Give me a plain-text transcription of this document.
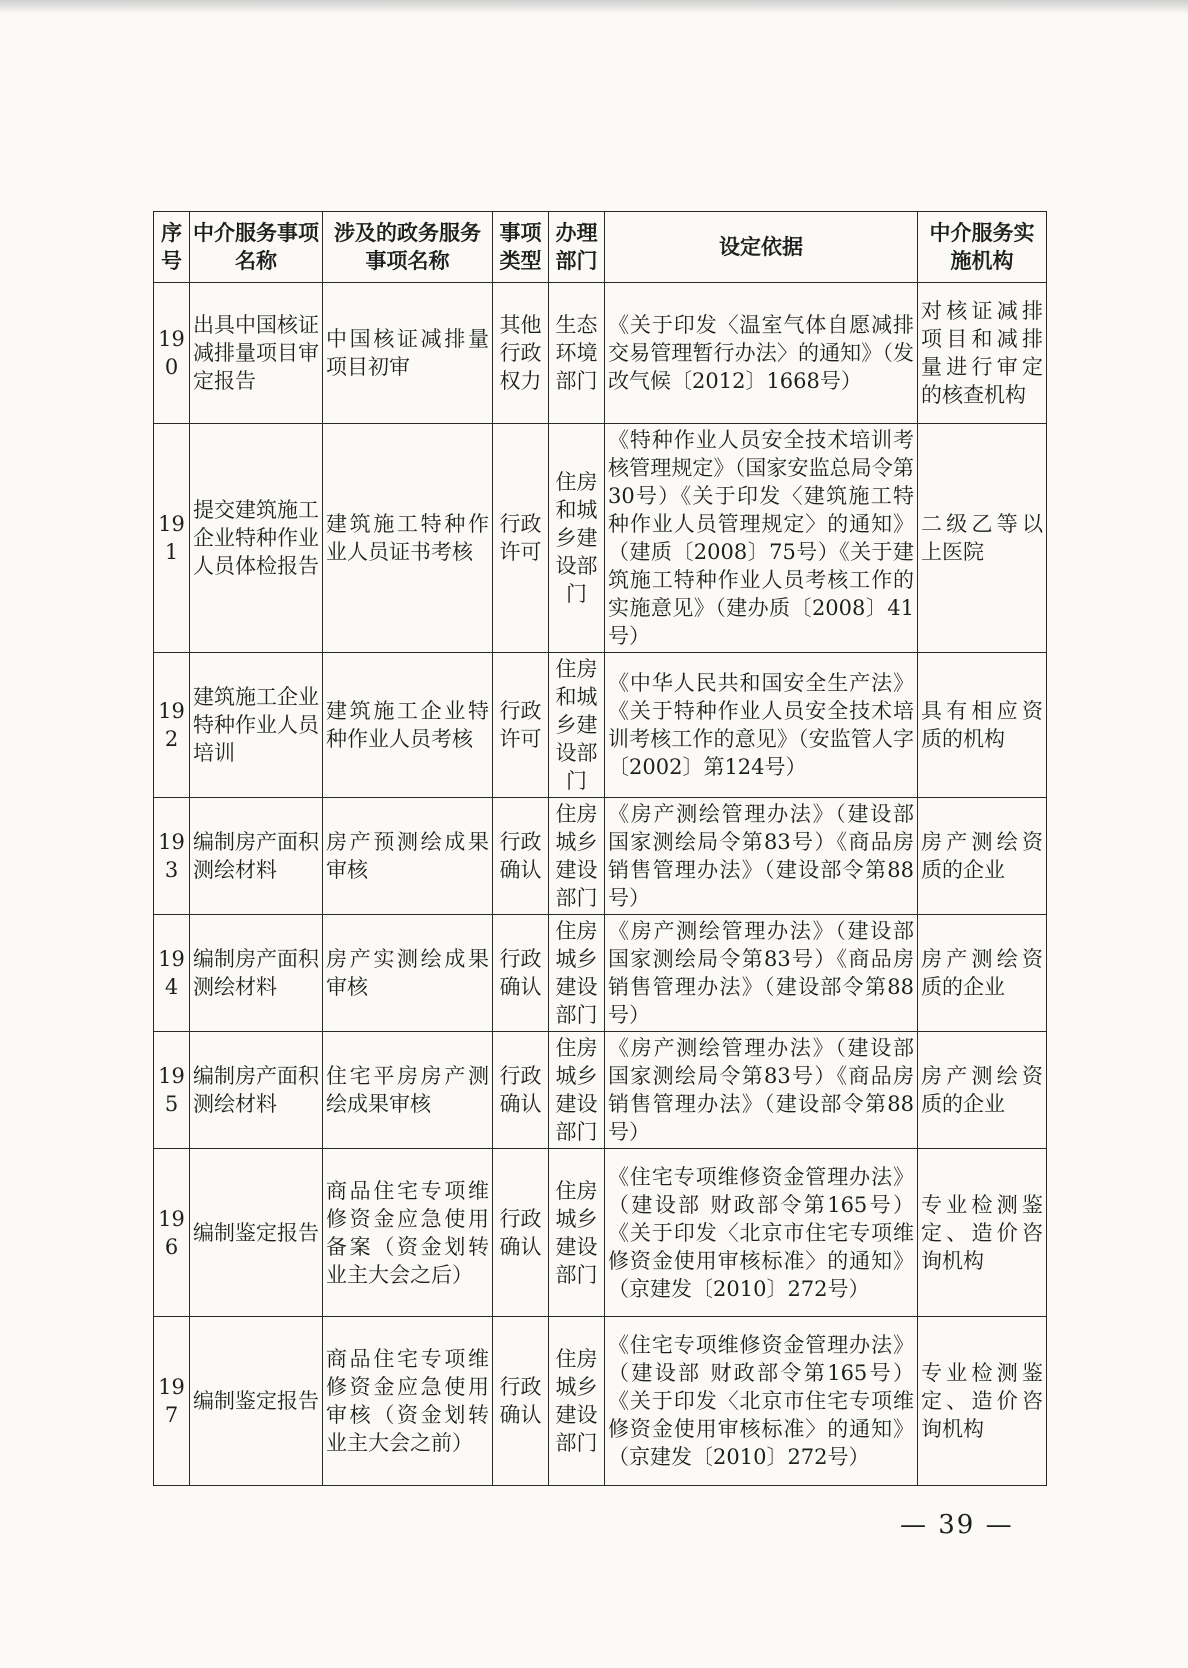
序号	中介服务事项名称	涉及的政务服务事项名称	事项类型	办理部门	设定依据	中介服务实施机构
190	出具中国核证减排量项目审定报告	中国核证减排量项目初审	其他行政权力	生态环境部门	《关于印发〈温室气体自愿减排交易管理暂行办法〉的通知》（发改气候〔2012〕1668号）	对核证减排项目和减排量进行审定的核查机构
191	提交建筑施工企业特种作业人员体检报告	建筑施工特种作业人员证书考核	行政许可	住房和城乡建设部门	《特种作业人员安全技术培训考核管理规定》（国家安监总局令第30号）《关于印发〈建筑施工特种作业人员管理规定〉的通知》（建质〔2008〕75号）《关于建筑施工特种作业人员考核工作的实施意见》（建办质〔2008〕41号）	二级乙等以上医院
192	建筑施工企业特种作业人员培训	建筑施工企业特种作业人员考核	行政许可	住房和城乡建设部门	《中华人民共和国安全生产法》《关于特种作业人员安全技术培训考核工作的意见》（安监管人字〔2002〕第124号）	具有相应资质的机构
193	编制房产面积测绘材料	房产预测绘成果审核	行政确认	住房城乡建设部门	《房产测绘管理办法》（建设部 国家测绘局令第83号）《商品房销售管理办法》（建设部令第88号）	房产测绘资质的企业
194	编制房产面积测绘材料	房产实测绘成果审核	行政确认	住房城乡建设部门	《房产测绘管理办法》（建设部 国家测绘局令第83号）《商品房销售管理办法》（建设部令第88号）	房产测绘资质的企业
195	编制房产面积测绘材料	住宅平房房产测绘成果审核	行政确认	住房城乡建设部门	《房产测绘管理办法》（建设部 国家测绘局令第83号）《商品房销售管理办法》（建设部令第88号）	房产测绘资质的企业
196	编制鉴定报告	商品住宅专项维修资金应急使用备案（资金划转业主大会之后）	行政确认	住房城乡建设部门	《住宅专项维修资金管理办法》（建设部 财政部令第165号）《关于印发〈北京市住宅专项维修资金使用审核标准〉的通知》（京建发〔2010〕272号）	专业检测鉴定、造价咨询机构
197	编制鉴定报告	商品住宅专项维修资金应急使用审核（资金划转业主大会之前）	行政确认	住房城乡建设部门	《住宅专项维修资金管理办法》（建设部 财政部令第165号）《关于印发〈北京市住宅专项维修资金使用审核标准〉的通知》（京建发〔2010〕272号）	专业检测鉴定、造价咨询机构
— 39 —
